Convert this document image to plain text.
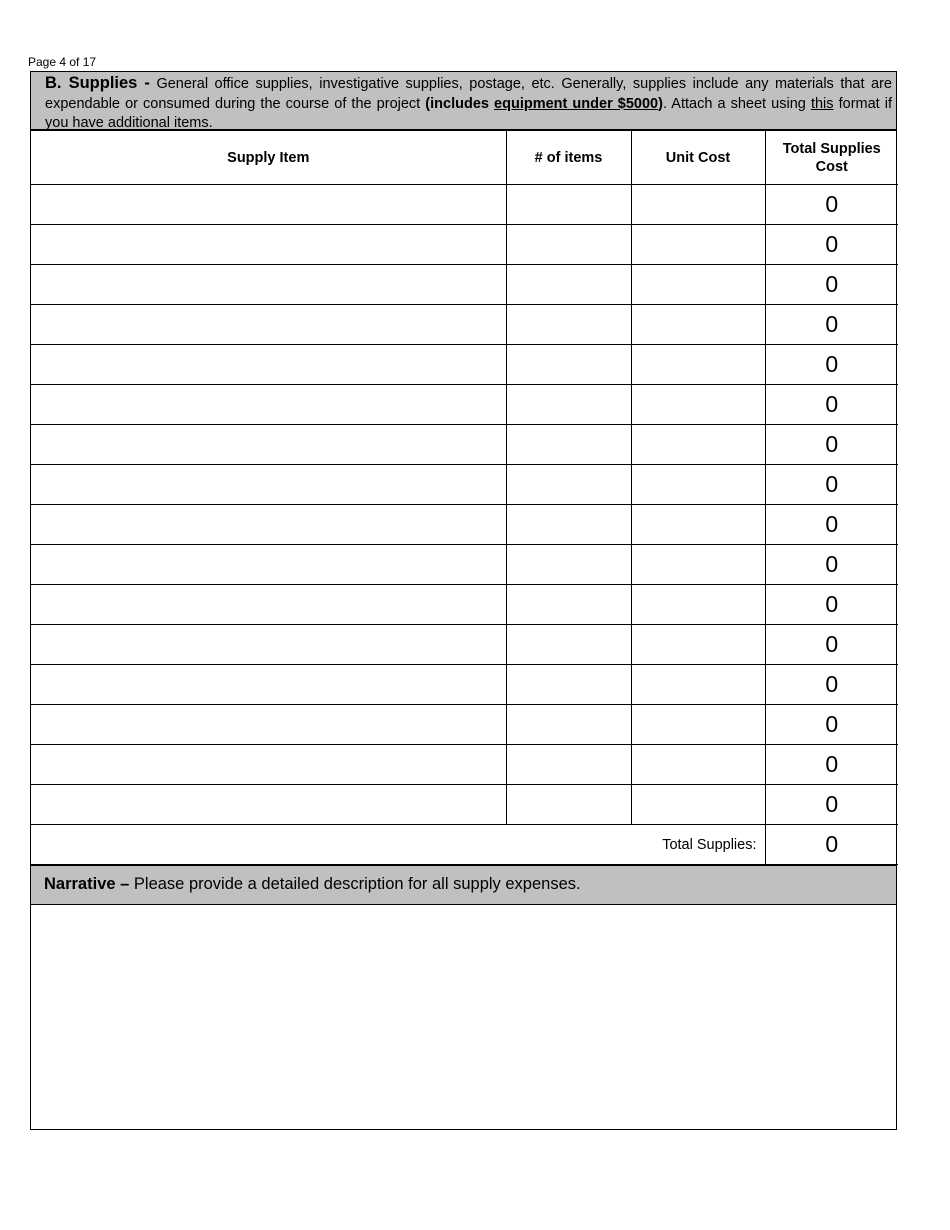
Page 4 of 17
B. Supplies - General office supplies, investigative supplies, postage, etc. Generally, supplies include any materials that are expendable or consumed during the course of the project (includes equipment under $5000). Attach a sheet using this format if you have additional items.
Supply Item	# of items	Unit Cost	Total Supplies Cost
			0
			0
			0
			0
			0
			0
			0
			0
			0
			0
			0
			0
			0
			0
			0
			0
Total Supplies:			0
Narrative – Please provide a detailed description for all supply expenses.
